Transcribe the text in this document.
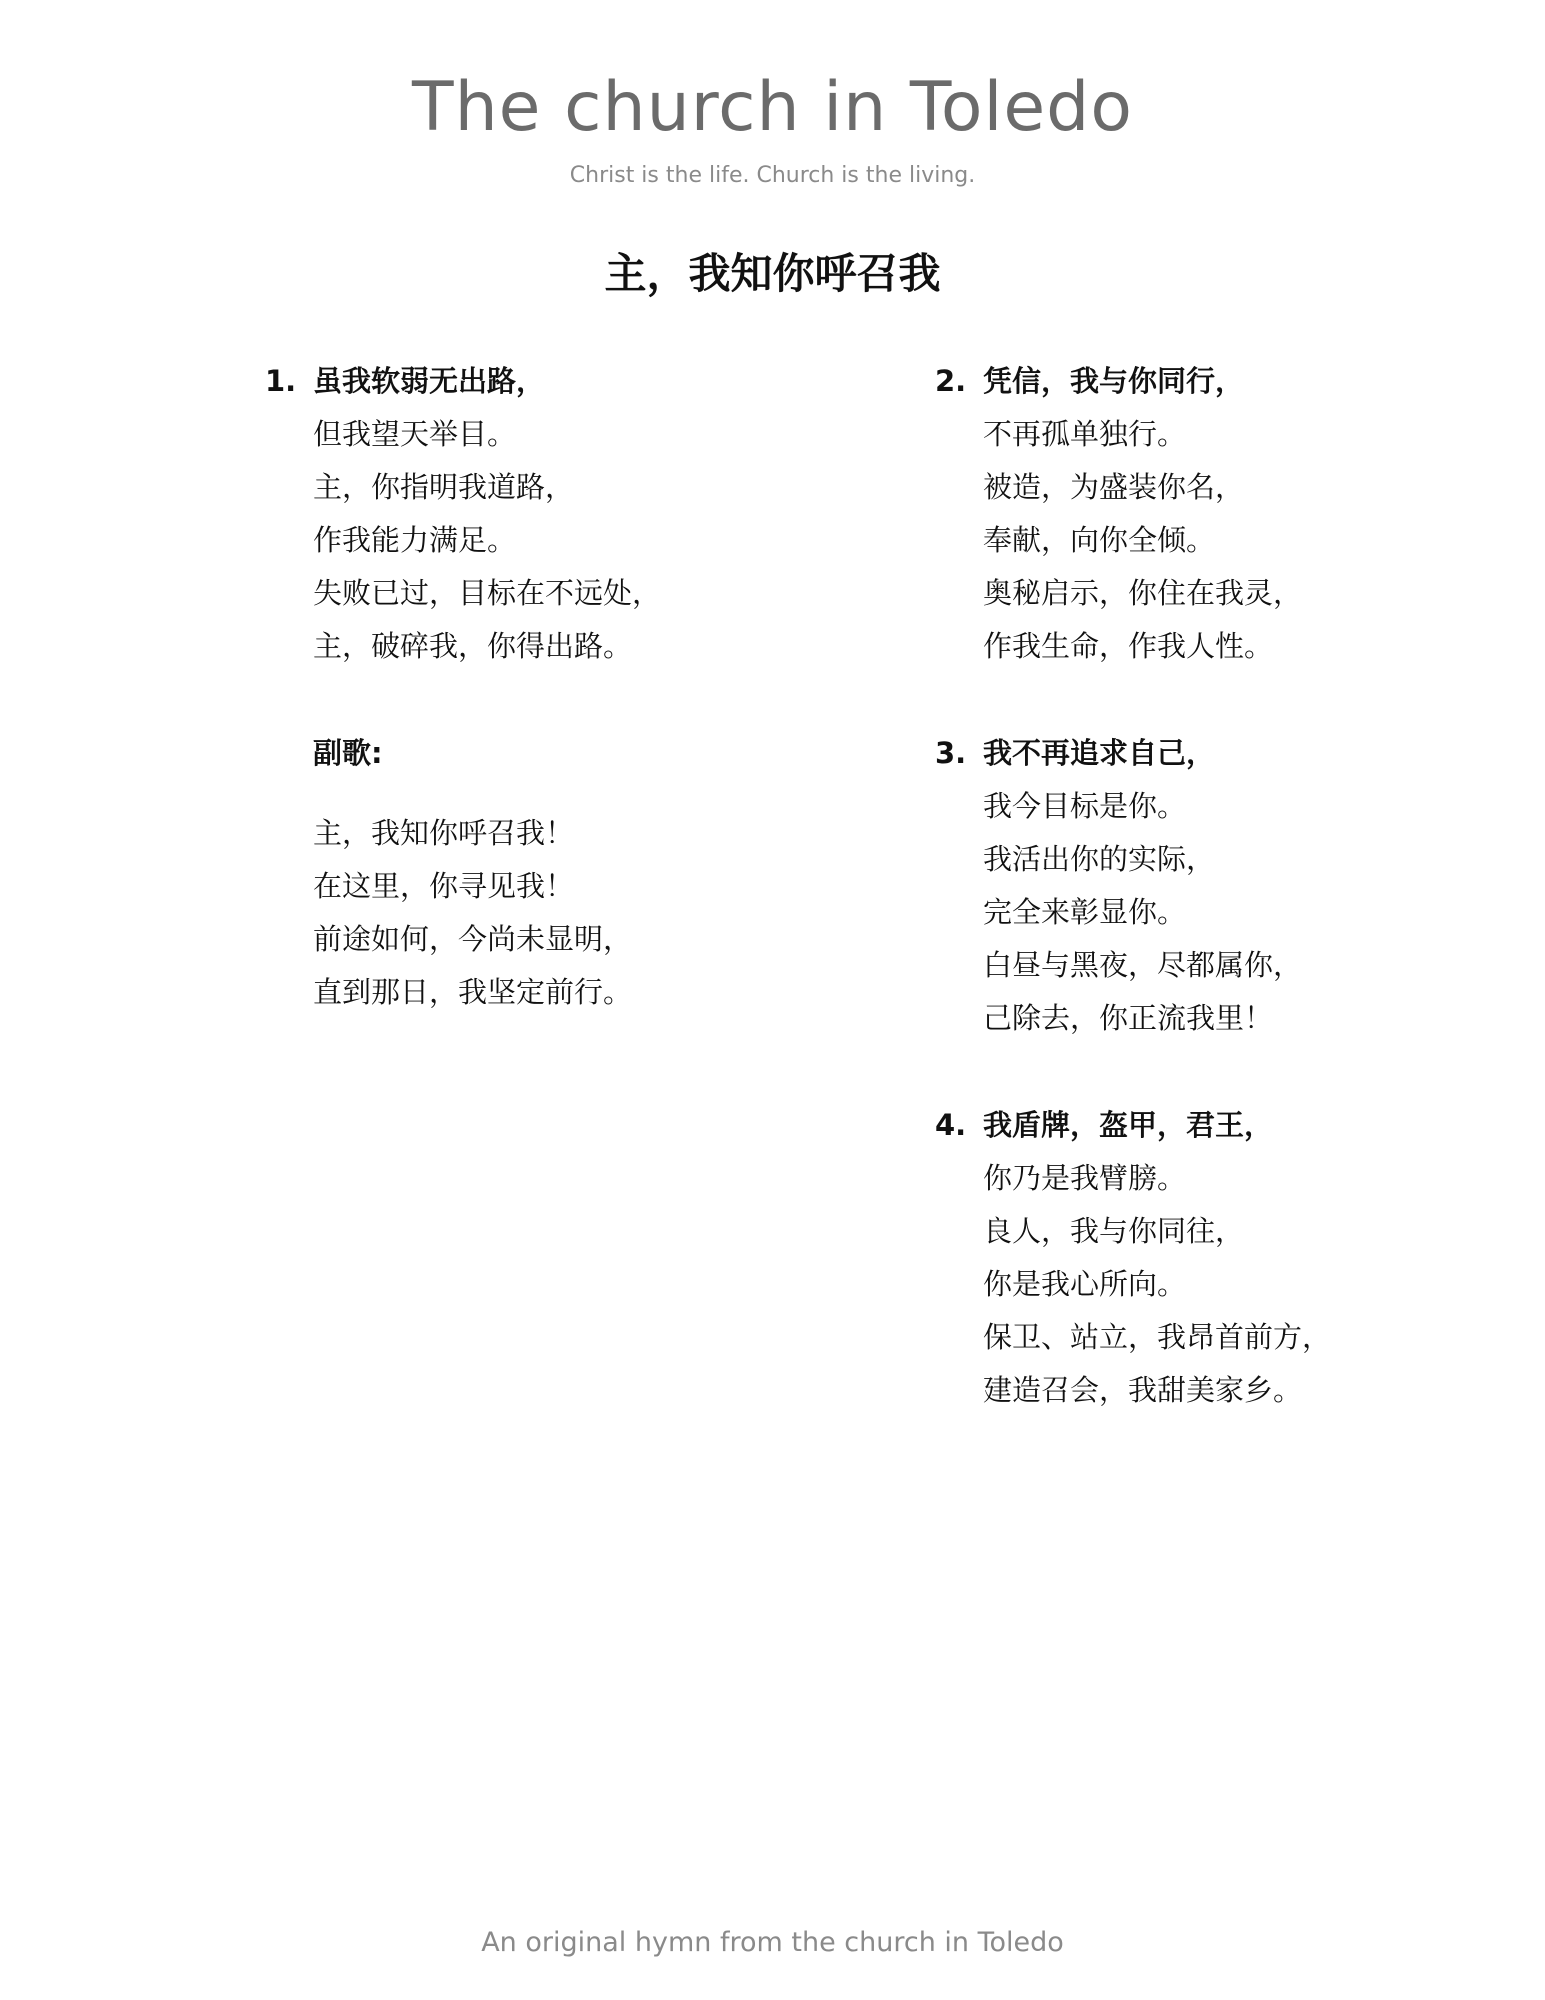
The church in Toledo
Christ is the life. Church is the living.
主，我知你呼召我
1. 虽我软弱无出路，
但我望天举目。
主，你指明我道路，
作我能力满足。
失败已过，目标在不远处，
主，破碎我，你得出路。
副歌:
主，我知你呼召我！
在这里，你寻见我！
前途如何，今尚未显明，
直到那日，我坚定前行。
2. 凭信，我与你同行，
不再孤单独行。
被造，为盛装你名，
奉献，向你全倾。
奥秘启示，你住在我灵，
作我生命，作我人性。
3. 我不再追求自己，
我今目标是你。
我活出你的实际，
完全来彰显你。
白昼与黑夜，尽都属你，
己除去，你正流我里！
4. 我盾牌，盔甲，君王，
你乃是我臂膀。
良人，我与你同往，
你是我心所向。
保卫、站立，我昂首前方，
建造召会，我甜美家乡。
An original hymn from the church in Toledo
